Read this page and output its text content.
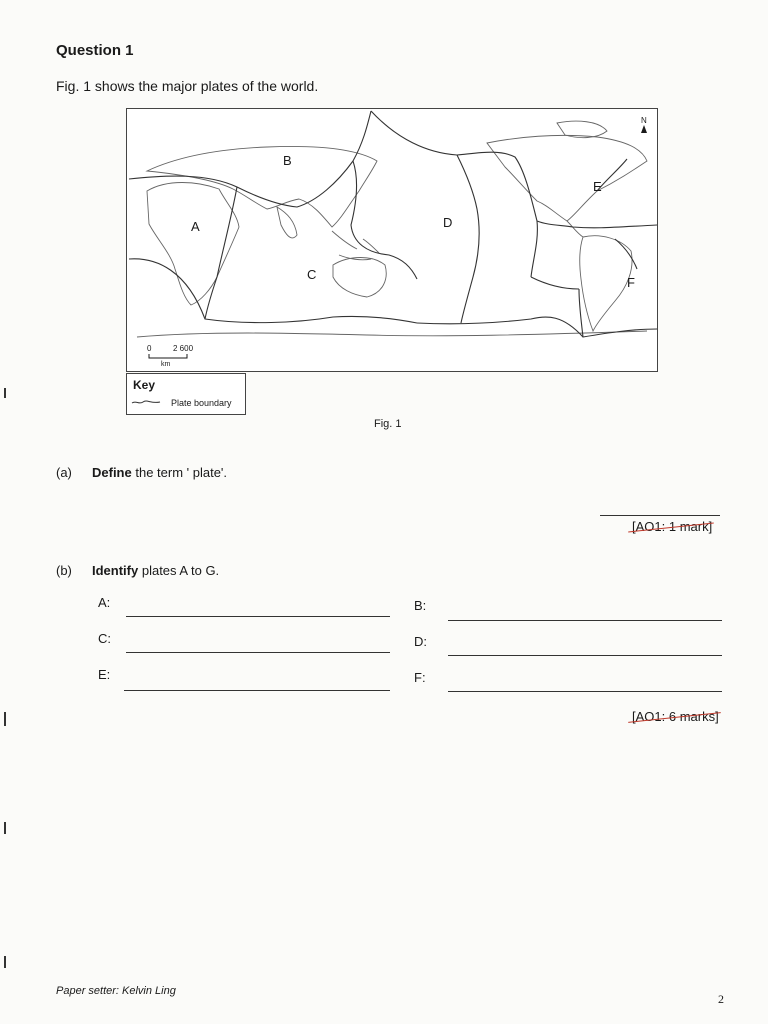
Question 1
Fig. 1 shows the major plates of the world.
A
B
C
D
E
F
N
0	2 600
km
Key
Plate boundary
Fig. 1
(a) Define the term ' plate'.
[AO1: 1 mark]
(b) Identify plates A to G.
A:	B:
C:	D:
E:	F:
[AO1: 6 marks]
Paper setter: Kelvin Ling
2
